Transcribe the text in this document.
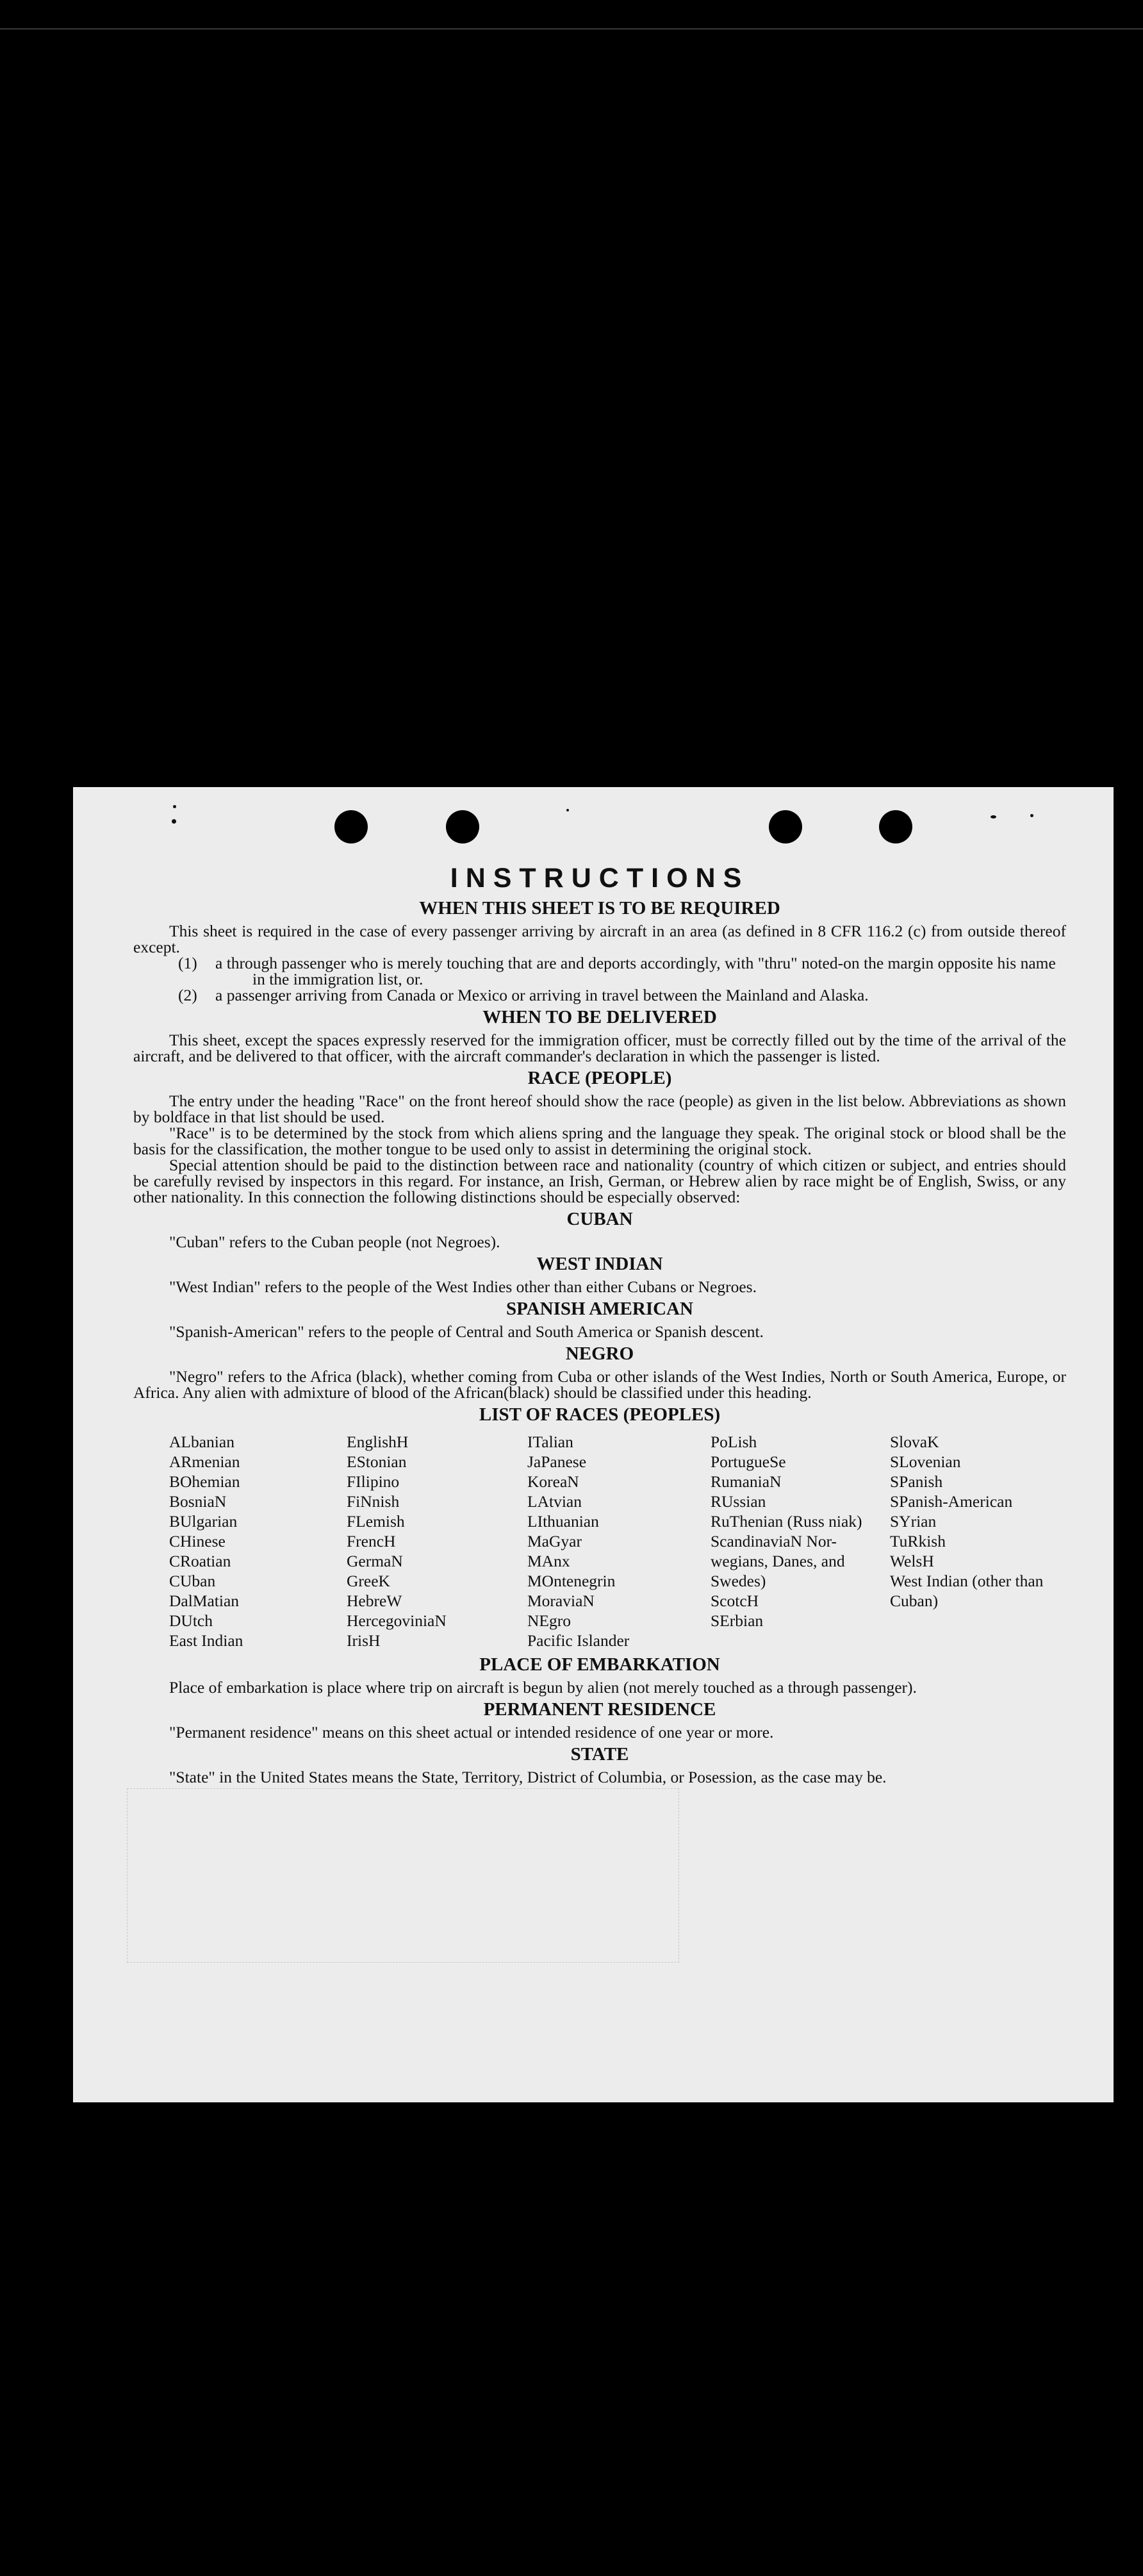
INSTRUCTIONS
WHEN THIS SHEET IS TO BE REQUIRED

This sheet is required in the case of every passenger arriving by aircraft in an area (as defined in 8 CFR 116.2 (c) from outside thereof except.

(1) a through passenger who is merely touching that are and deports accordingly, with "thru" noted-on the margin opposite his name in the immigration list, or.

(2) a passenger arriving from Canada or Mexico or arriving in travel between the Mainland and Alaska.

WHEN TO BE DELIVERED

This sheet, except the spaces expressly reserved for the immigration officer, must be correctly filled out by the time of the arrival of the aircraft, and be delivered to that officer, with the aircraft commander's declaration in which the passenger is listed.

RACE (PEOPLE)

The entry under the heading "Race" on the front hereof should show the race (people) as given in the list below. Abbreviations as shown by boldface in that list should be used.

"Race" is to be determined by the stock from which aliens spring and the language they speak. The original stock or blood shall be the basis for the classification, the mother tongue to be used only to assist in determining the original stock.

Special attention should be paid to the distinction between race and nationality (country of which citizen or subject, and entries should be carefully revised by inspectors in this regard. For instance, an Irish, German, or Hebrew alien by race might be of English, Swiss, or any other nationality. In this connection the following distinctions should be especially observed:

CUBAN

"Cuban" refers to the Cuban people (not Negroes).

WEST INDIAN

"West Indian" refers to the people of the West Indies other than either Cubans or Negroes.

SPANISH AMERICAN

"Spanish-American" refers to the people of Central and South America or Spanish descent.

NEGRO

"Negro" refers to the Africa (black), whether coming from Cuba or other islands of the West Indies, North or South America, Europe, or Africa. Any alien with admixture of blood of the African(black) should be classified under this heading.

LIST OF RACES (PEOPLES)
ALbanian
ARmenian
BOhemian
BosniaN
BUlgarian
CHinese
CRoatian
CUban
DalMatian
DUtch
East Indian
EnglishH
EStonian
FIlipino
FiNnish
FLemish
FrencH
GermaN
GreeK
HebreW
HercegoviniaN
IrisH
ITalian
JaPanese
KoreaN
LAtvian
LIthuanian
MaGyar
MAnx
MOntenegrin
MoraviaN
NEgro
Pacific Islander
PoLish
PortugueSe
RumaniaN
RUssian
RuThenian (Russ niak)
ScandinaviaN Nor-wegians, Danes, and Swedes)
ScotcH
SErbian
SlovaK
SLovenian
SPanish
SPanish-American
SYrian
TuRkish
WelsH
West Indian (other than Cuban)
PLACE OF EMBARKATION

Place of embarkation is place where trip on aircraft is begun by alien (not merely touched as a through passenger).

PERMANENT RESIDENCE

"Permanent residence" means on this sheet actual or intended residence of one year or more.

STATE

"State" in the United States means the State, Territory, District of Columbia, or Posession, as the case may be.
